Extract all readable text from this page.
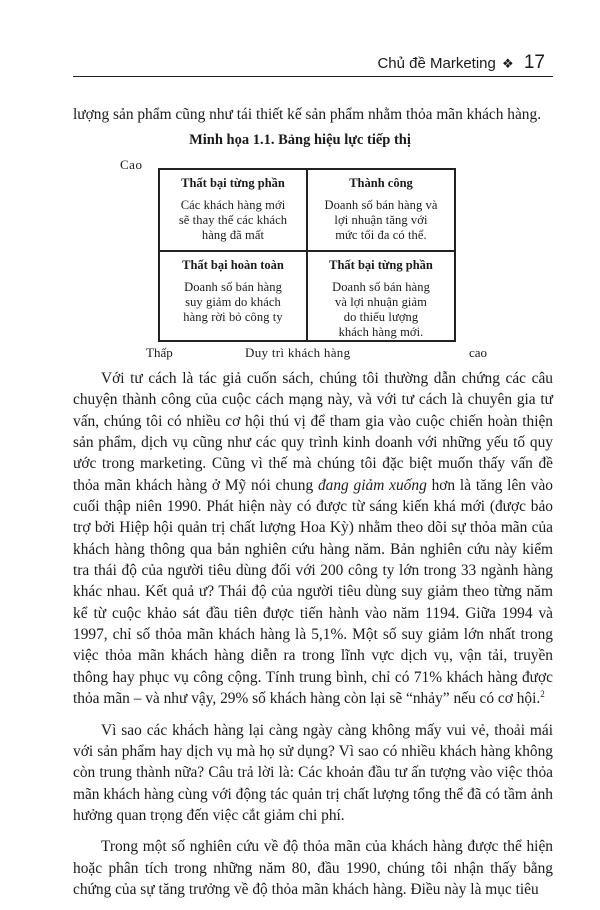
Chủ đề Marketing ❖ 17
lượng sản phẩm cũng như tái thiết kế sản phẩm nhằm thỏa mãn khách hàng.
Minh họa 1.1. Bảng hiệu lực tiếp thị
Cao
Thất bại từng phần
Các khách hàng mới
sẽ thay thế các khách
hàng đã mất
Thành công
Doanh số bán hàng và
lợi nhuận tăng với
mức tối đa có thể.
Thất bại hoàn toàn
Doanh số bán hàng
suy giảm do khách
hàng rời bỏ công ty
Thất bại từng phần
Doanh số bán hàng
và lợi nhuận giảm
do thiếu lượng
khách hàng mới.
Thấp	Duy trì khách hàng	cao

Với tư cách là tác giả cuốn sách, chúng tôi thường dẫn chứng các câu chuyện thành công của cuộc cách mạng này, và với tư cách là chuyên gia tư vấn, chúng tôi có nhiều cơ hội thú vị để tham gia vào cuộc chiến hoàn thiện sản phẩm, dịch vụ cũng như các quy trình kinh doanh với những yếu tố quy ước trong marketing. Cũng vì thế mà chúng tôi đặc biệt muốn thấy vấn đề thỏa mãn khách hàng ở Mỹ nói chung đang giảm xuống hơn là tăng lên vào cuối thập niên 1990. Phát hiện này có được từ sáng kiến khá mới (được bảo trợ bởi Hiệp hội quản trị chất lượng Hoa Kỳ) nhằm theo dõi sự thỏa mãn của khách hàng thông qua bản nghiên cứu hàng năm. Bản nghiên cứu này kiểm tra thái độ của người tiêu dùng đối với 200 công ty lớn trong 33 ngành hàng khác nhau. Kết quả ư? Thái độ của người tiêu dùng suy giảm theo từng năm kể từ cuộc khảo sát đầu tiên được tiến hành vào năm 1194. Giữa 1994 và 1997, chỉ số thỏa mãn khách hàng là 5,1%. Một số suy giảm lớn nhất trong việc thỏa mãn khách hàng diễn ra trong lĩnh vực dịch vụ, vận tải, truyền thông hay phục vụ công cộng. Tính trung bình, chỉ có 71% khách hàng được thỏa mãn – và như vậy, 29% số khách hàng còn lại sẽ “nhảy” nếu có cơ hội.$^2$

Vì sao các khách hàng lại càng ngày càng không mấy vui vẻ, thoải mái với sản phẩm hay dịch vụ mà họ sử dụng? Vì sao có nhiều khách hàng không còn trung thành nữa? Câu trả lời là: Các khoản đầu tư ấn tượng vào việc thỏa mãn khách hàng cùng với động tác quản trị chất lượng tổng thể đã có tầm ảnh hưởng quan trọng đến việc cắt giảm chi phí.

Trong một số nghiên cứu về độ thỏa mãn của khách hàng được thể hiện hoặc phân tích trong những năm 80, đầu 1990, chúng tôi nhận thấy bằng chứng của sự tăng trưởng về độ thỏa mãn khách hàng. Điều này là mục tiêu
